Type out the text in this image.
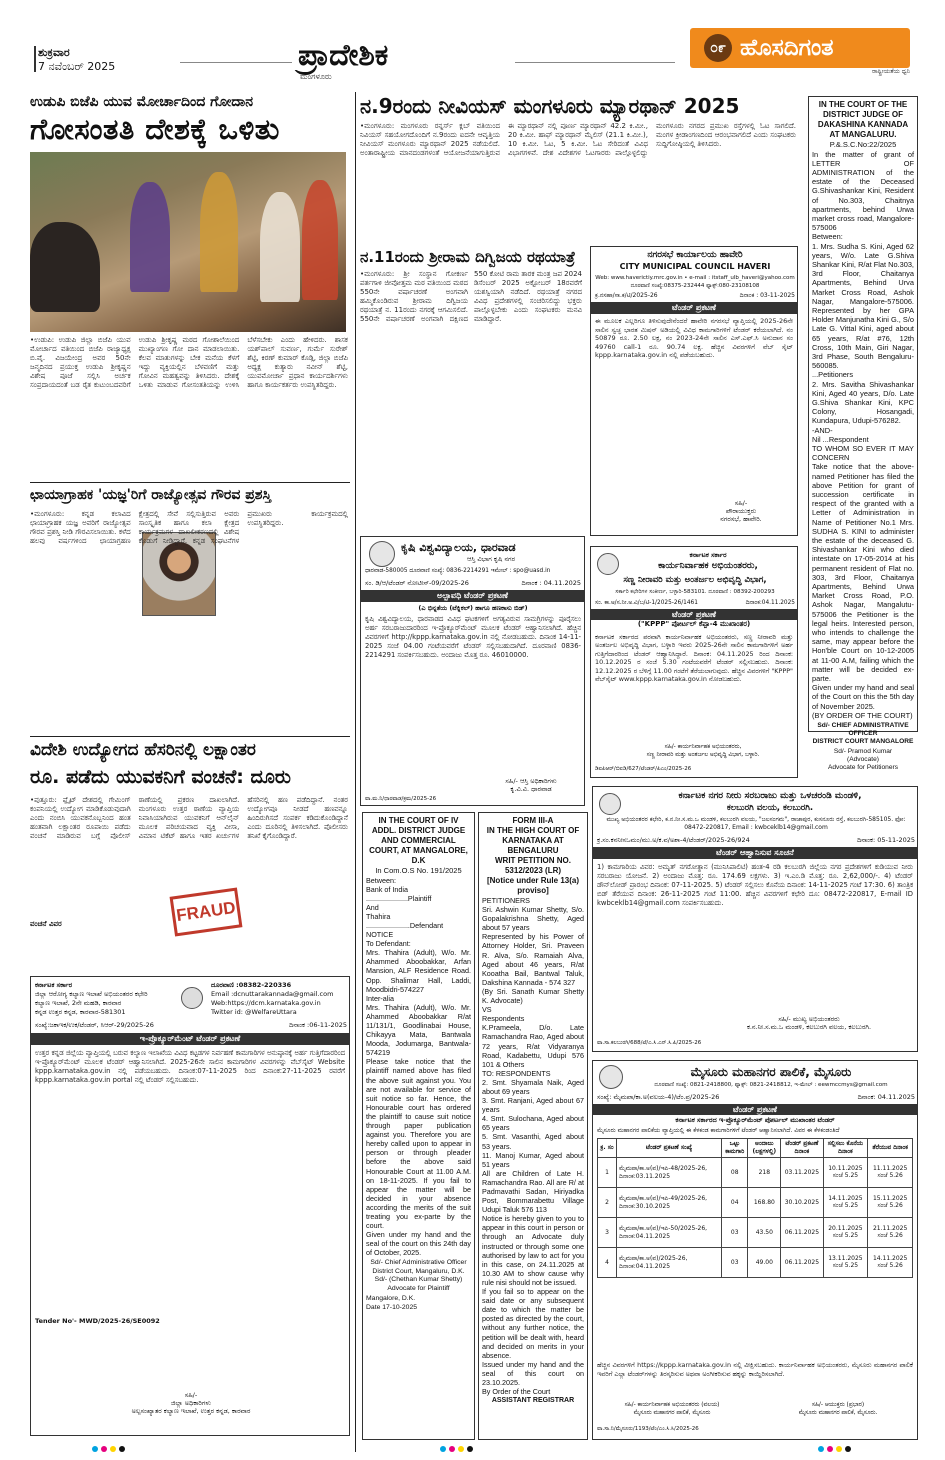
ಶುಕ್ರವಾರ
7 ನವೆಂಬರ್ 2025
ಮಂಗಳೂರು
ಪ್ರಾದೇಶಿಕ	೦೯ ಹೊಸದಿಗಂತ
ರಾಷ್ಟ್ರೀಯತೆಯ ಧ್ವನಿ
ಉಡುಪಿ ಬಿಜೆಪಿ ಯುವ ಮೋರ್ಚಾದಿಂದ ಗೋದಾನ
ಗೋಸಂತತಿ ದೇಶಕ್ಕೆ ಒಳಿತು
•ಉಡುಪಿ: ಉಡುಪಿ ಜಿಲ್ಲಾ ಬಿಜೆಪಿ ಯುವ ಮೋರ್ಚಾದ ವತಿಯಿಂದ ಬಿಜೆಪಿ ರಾಜ್ಯಾಧ್ಯಕ್ಷ ಬಿ.ವೈ. ವಿಜಯೇಂದ್ರ ಅವರ 50ನೇ ಜನ್ಮದಿನದ ಪ್ರಯುಕ್ತ ಉಡುಪಿ ಶ್ರೀಕೃಷ್ಣನ ವಿಶೇಷ ಪೂಜೆ ಸಲ್ಲಿಸಿ ಅರ್ಚಕ ಸಂಪ್ರದಾಯದಂತೆ ಬಡ ರೈತ ಕುಟುಂಬದವರಿಗೆ ಉಡುಪಿ ಶ್ರೀಕೃಷ್ಣ ಮಠದ ಗೋಶಾಲೆಯಿಂದ ಮುಖ್ಯಾಂಗಣ ಗೋ ದಾನ ಮಾಡಲಾಯಿತು. ಕೆಲವ ಮಾತುಗಳನ್ನು ಬೇಕ ಮನೆಯ ಕೆಳಗೆ ಇದ್ದು ವ್ಯಕ್ತಿಯಲ್ಲಿನ ಬೆಳವಣಿಗೆ ಮತ್ತು ಗೋವಿನ ಮಹತ್ವವನ್ನು ತಿಳಿಸಿದರು. ದೇಶಕ್ಕೆ ಒಳಿತು ಮಾಡುವ ಗೋಸಂತತಿಯನ್ನು ಉಳಿಸಿ ಬೆಳೆಸಬೇಕು ಎಂದು ಹೇಳಿದರು. ಶಾಸಕ ಯಶ್‌ಪಾಲ್ ಸುವರ್ಣ, ಗುರ್ಮೆ ಸುರೇಶ್ ಶೆಟ್ಟಿ, ಕಿರಣ್ ಕುಮಾರ್ ಕೊಡ್ಗಿ, ಜಿಲ್ಲಾ ಬಿಜೆಪಿ ಅಧ್ಯಕ್ಷ ಕುತ್ಯಾರು ನವೀನ್ ಶೆಟ್ಟಿ, ಯುವಮೋರ್ಚಾ ಪ್ರಧಾನ ಕಾರ್ಯದರ್ಶಿಗಳು ಹಾಗೂ ಕಾರ್ಯಕರ್ತರು ಉಪಸ್ಥಿತರಿದ್ದರು.
ನ.9ರಂದು ನೀವಿಯಸ್ ಮಂಗಳೂರು ಮ್ಯಾರಥಾನ್ 2025
•ಮಂಗಳೂರು: ಮಂಗಳೂರು ರನ್ನರ್ಸ್ ಕ್ಲಬ್ ವತಿಯಿಂದ ನಿವಿಯಸ್ ಸಹಯೋಗದೊಂದಿಗೆ ನ.9ರಂದು ಐದನೇ ಆವೃತ್ತಿಯ ನೀವಿಯಸ್ ಮಂಗಳೂರು ಮ್ಯಾರಥಾನ್ 2025 ನಡೆಯಲಿದೆ. ಅಂತಾರಾಷ್ಟ್ರೀಯ ಮಾನದಂಡಗಳಂತೆ ಆಯೋಜನೆಯಾಗುತ್ತಿರುವ ಈ ಮ್ಯಾರಥಾನ್ ನಲ್ಲಿ ಪೂರ್ಣ ಮ್ಯಾರಥಾನ್ 42.2 ಕಿ.ಮೀ., 20 ಕಿ.ಮೀ. ಹಾಫ್ ಮ್ಯಾರಥಾನ್ ಮೈಲಿಸ್ (21.1 ಕಿ.ಮೀ.), 10 ಕಿ.ಮೀ. ಓಟ, 5 ಕಿ.ಮೀ. ಓಟ ಸೇರಿದಂತೆ ವಿವಿಧ ವಿಭಾಗಗಳಿವೆ. ದೇಶ ವಿದೇಶಗಳ ಓಟಗಾರರು ಪಾಲ್ಗೊಳ್ಳಲಿದ್ದು ಮಂಗಳೂರು ನಗರದ ಪ್ರಮುಖ ರಸ್ತೆಗಳಲ್ಲಿ ಓಟ ಸಾಗಲಿದೆ. ಮಂಗಳ ಕ್ರೀಡಾಂಗಣದಿಂದ ಆರಂಭವಾಗಲಿದೆ ಎಂದು ಸಂಘಟಕರು ಸುದ್ದಿಗೋಷ್ಠಿಯಲ್ಲಿ ತಿಳಿಸಿದರು.
ನ.11ರಂದು ಶ್ರೀರಾಮ ದಿಗ್ವಿಜಯ ರಥಯಾತ್ರೆ
•ಮಂಗಳೂರು: ಶ್ರೀ ಸಂಸ್ಥಾನ ಗೋಕರ್ಣ ಪರ್ತಗಾಳಿ ಜೀವೋತ್ತಮ ಮಠ ವತಿಯಿಂದ ಮಠದ 550ನೇ ವರ್ಷಾಚರಣೆ ಅಂಗವಾಗಿ ಹಮ್ಮಿಕೊಂಡಿರುವ ಶ್ರೀರಾಮ ದಿಗ್ವಿಜಯ ರಥಯಾತ್ರೆ ನ. 11ರಂದು ನಗರಕ್ಕೆ ಆಗಮಿಸಲಿದೆ. 550ನೇ ವರ್ಷಾಚರಣೆ ಅಂಗವಾಗಿ ದಕ್ಷಿಣದ 550 ಕೋಟಿ ರಾಮ ತಾರಕ ಮಂತ್ರ ಜಪ 2024 ಡಿಸೆಂಬರ್ 2025 ಅಕ್ಟೋಬರ್ 18ರವರೆಗೆ ಯಶಸ್ವಿಯಾಗಿ ನಡೆದಿದೆ. ರಥಯಾತ್ರೆ ನಗರದ ವಿವಿಧ ಪ್ರದೇಶಗಳಲ್ಲಿ ಸಂಚರಿಸಲಿದ್ದು ಭಕ್ತರು ಪಾಲ್ಗೊಳ್ಳಬೇಕು ಎಂದು ಸಂಘಟಕರು ಮನವಿ ಮಾಡಿದ್ದಾರೆ.
ನಗರಸಭೆ ಕಾರ್ಯಾಲಯ ಹಾವೇರಿ
CITY MUNICIPAL COUNCIL HAVERI
Web: www.haverictiy.mrc.gov.in • e-mail : itstaff_ulb_haveri@yahoo.com
ದೂರವಾಣಿ ಸಂಖ್ಯೆ:08375-232444 ಫ್ಯಾಕ್ಸ್:080-23108108
ಕ್ರ.ನಸಹಾ/ಸಾ.ಕ/ಟಿ/2025-26	ದಿನಾಂಕ : 03-11-2025
ಟೆಂಡರ್ ಪ್ರಕಟಣೆ
ಈ ಮೂಲಕ ಎಲ್ಲರಿಗೂ ತಿಳಿಸುವುದೇನೆಂದರೆ ಹಾವೇರಿ ನಗರಸಭೆ ವ್ಯಾಪ್ತಿಯಲ್ಲಿ 2025-26ನೇ ಸಾಲಿನ ಸ್ವಚ್ಛ ಭಾರತ ಮಿಷನ್ ಅಡಿಯಲ್ಲಿ ವಿವಿಧ ಕಾಮಗಾರಿಗಳಿಗೆ ಟೆಂಡರ್ ಕರೆಯಲಾಗಿದೆ. ನಂ 50879 ರೂ. 2.50 ಲಕ್ಷ, ನಂ 2023-24ನೇ ಸಾಲಿನ ಎಸ್.ಎಫ್.ಸಿ ಅನುದಾನ ಸಂ 49760 call-1 ರೂ. 90.74 ಲಕ್ಷ. ಹೆಚ್ಚಿನ ವಿವರಗಳಿಗೆ ವೆಬ್ ಸೈಟ್ kppp.karnataka.gov.in ನಲ್ಲಿ ಪಡೆಯಬಹುದು.
ಸಹಿ/-
ಪೌರಾಯುಕ್ತರು
ನಗರಸಭೆ, ಹಾವೇರಿ.
IN THE COURT OF THE DISTRICT JUDGE OF DAKASHINA KANNADA AT MANGALURU.
P.&.S.C.No:22/2025
In the matter of grant of LETTER OF ADMINISTRATION of the estate of the Deceased G.Shivashankar Kini, Resident of No.303, Chaitnya apartments, behind Urwa market cross road, Mangalore-575006
Between:
1. Mrs. Sudha S. Kini, Aged 62 years, W/o. Late G.Shiva Shankar Kini, R/at Flat No.303, 3rd Floor, Chaitanya Apartments, Behind Urva Market Cross Road, Ashok Nagar, Mangalore-575006. Represented by her GPA Holder Manjunatha Kini G., S/o Late G. Vittal Kini, aged about 65 years, R/at #76, 12th Cross, 10th Main, Giri Nagar, 3rd Phase, South Bengaluru-560085.
...Petitioners
2. Mrs. Savitha Shivashankar Kini, Aged 40 years, D/o. Late G.Shiva Shankar Kini, KPC Colony, Hosangadi, Kundapura, Udupi-576282.
-AND-
Nil ...Respondent
TO WHOM SO EVER IT MAY CONCERN
Take notice that the above-named Petitioner has filed the above Petition for grant of succession certificate in respect of the granted with a Letter of Administration in Name of Petitioner No.1 Mrs. SUDHA S. KINI to administer the estate of the deceased G. Shivashankar Kini who died intestate on 17-05-2014 at his permanent resident of Flat no. 303, 3rd Floor, Chaitanya Apartments, Behind Urwa Market Cross Road, P.O. Ashok Nagar, Mangalutu-575006 the Petitioner is the legal heirs. Interested person, who intends to challenge the same, may appear before the Hon'ble Court on 10-12-2005 at 11-00 A.M, failing which the matter will be decided ex-parte.
Given under my hand and seal of the Court on this the 5th day of November 2025.
(BY ORDER OF THE COURT)
Sd/- CHIEF ADMINISTRATIVE OFFICER
DISTRICT COURT MANGALORE
Sd/- Pramod Kumar
(Advocate)
Advocate for Petitioners
ಛಾಯಾಗ್ರಾಹಕ 'ಯಜ್ಞ'ರಿಗೆ ರಾಜ್ಯೋತ್ಸವ ಗೌರವ ಪ್ರಶಸ್ತಿ
•ಮಂಗಳೂರು: ಕನ್ನಡ ಕಲಾವಿದ ಛಾಯಾಗ್ರಾಹಕ ಯಜ್ಞ ಅವರಿಗೆ ರಾಜ್ಯೋತ್ಸವ ಗೌರವ ಪ್ರಶಸ್ತಿ ನೀಡಿ ಗೌರವಿಸಲಾಯಿತು. ಕಳೆದ ಹಲವು ವರ್ಷಗಳಿಂದ ಛಾಯಾಗ್ರಹಣ ಕ್ಷೇತ್ರದಲ್ಲಿ ಸೇವೆ ಸಲ್ಲಿಸುತ್ತಿರುವ ಅವರು ಸಾಂಸ್ಕೃತಿಕ ಹಾಗೂ ಕಲಾ ಕ್ಷೇತ್ರದ ಕಾರ್ಯಕ್ರಮಗಳ ದಾಖಲೀಕರಣದಲ್ಲಿ ವಿಶೇಷ ಕೊಡುಗೆ ನೀಡಿದ್ದಾರೆ. ಕನ್ನಡ ಸಂಘಟನೆಗಳ ಪ್ರಮುಖರು ಕಾರ್ಯಕ್ರಮದಲ್ಲಿ ಉಪಸ್ಥಿತರಿದ್ದರು.
ವಿದೇಶಿ ಉದ್ಯೋಗದ ಹೆಸರಿನಲ್ಲಿ ಲಕ್ಷಾಂತರ
ರೂ. ಪಡೆದು ಯುವಕನಿಗೆ ವಂಚನೆ: ದೂರು
FRAUD
•ಪುತ್ತೂರು: ಫ್ಲೈಟ್ ದೇಶದಲ್ಲಿ ಗೇಮಿಂಗ್ ಕಂಪನಿಯಲ್ಲಿ ಉದ್ಯೋಗ ಮಾಡಿಕೊಡುವುದಾಗಿ ಎಂದು ನಂಬಿಸಿ ಯುವಕನೊಬ್ಬನಿಂದ ಹಂತ ಹಂತವಾಗಿ ಲಕ್ಷಾಂತರ ರೂಪಾಯಿ ಪಡೆದು ವಂಚನೆ ಮಾಡಿರುವ ಬಗ್ಗೆ ಪೊಲೀಸ್ ಠಾಣೆಯಲ್ಲಿ ಪ್ರಕರಣ ದಾಖಲಾಗಿದೆ. ಮಂಗಳೂರು ಉತ್ತರ ಠಾಣೆಯ ವ್ಯಾಪ್ತಿಯ ನಿವಾಸಿಯಾಗಿರುವ ಯುವಕನಿಗೆ ಆನ್‌ಲೈನ್ ಮೂಲಕ ಪರಿಚಯವಾದ ವ್ಯಕ್ತಿ ವೀಸಾ, ವಿಮಾನ ಟಿಕೆಟ್ ಹಾಗೂ ಇತರ ಖರ್ಚುಗಳ ಹೆಸರಿನಲ್ಲಿ ಹಣ ಪಡೆದಿದ್ದಾನೆ. ನಂತರ ಉದ್ಯೋಗವೂ ನೀಡದೆ ಹಣವನ್ನೂ ಹಿಂದಿರುಗಿಸದೆ ಸಂಪರ್ಕ ಕಡಿದುಕೊಂಡಿದ್ದಾನೆ ಎಂದು ದೂರಿನಲ್ಲಿ ತಿಳಿಸಲಾಗಿದೆ. ಪೊಲೀಸರು ತನಿಖೆ ಕೈಗೊಂಡಿದ್ದಾರೆ.
ವಂಚನೆ ವಿವರ
ಕರ್ನಾಟಕ ಸರ್ಕಾರ
ಜಿಲ್ಲಾ ಆರೋಗ್ಯ ಕಲ್ಯಾಣ ಇಲಾಖೆ ಅಭಿಯಂತರರ ಕಛೇರಿ
ಕಲ್ಯಾಣ ಇಲಾಖೆ, 2ನೇ ಮಹಡಿ, ಕಾರವಾರ
ಕನ್ನಡ ಉತ್ತರ ಕನ್ನಡ, ಕಾರವಾರ-581301
ದೂರವಾಣಿ :08382-220336
Email :dcnuttarakannada@gmail.com
Web:https://dcm.karnataka.gov.in
Twitter id: @WelfareUttara
ಸಂಖ್ಯೆ:ಜಕಾಇಕ/ಉಕ/ಟೆಂಡರ್, ಸಿಆರ್-29/2025-26	ದಿನಾಂಕ :06-11-2025
ಇ-ಪ್ರೊಕ್ಯೂರ್‌ಮೆಂಟ್ ಟೆಂಡರ್ ಪ್ರಕಟಣೆ
ಉತ್ತರ ಕನ್ನಡ ಜಿಲ್ಲೆಯ ವ್ಯಾಪ್ತಿಯಲ್ಲಿ ಬರುವ ಕಲ್ಯಾಣ ಇಲಾಖೆಯ ವಿವಿಧ ಕಟ್ಟಡಗಳ ನಿರ್ವಹಣೆ ಕಾಮಗಾರಿಗಳ ಅನುಷ್ಠಾನಕ್ಕೆ ಅರ್ಹ ಗುತ್ತಿಗೆದಾರರಿಂದ ಇ-ಪ್ರೊಕ್ಯೂರ್‌ಮೆಂಟ್ ಮೂಲಕ ಟೆಂಡರ್ ಆಹ್ವಾನಿಸಲಾಗಿದೆ. 2025-26ನೇ ಸಾಲಿನ ಕಾಮಗಾರಿಗಳ ವಿವರಗಳನ್ನು ವೆಬ್‌ಸೈಟ್ Website kppp.karnataka.gov.in ನಲ್ಲಿ ಪಡೆಯಬಹುದು. ದಿನಾಂಕ:07-11-2025 ರಿಂದ ದಿನಾಂಕ:27-11-2025 ರವರೆಗೆ kppp.karnataka.gov.in portal ನಲ್ಲಿ ಟೆಂಡರ್ ಸಲ್ಲಿಸಬಹುದು.
Tender No'- MWD/2025-26/SE0092
ಸಹಿ/-
ಜಿಲ್ಲಾ ಅಧಿಕಾರಿಗಳು
ಅಲ್ಪಸಂಖ್ಯಾತರ ಕಲ್ಯಾಣ ಇಲಾಖೆ, ಉತ್ತರ ಕನ್ನಡ, ಕಾರವಾರ
ಕೃಷಿ ವಿಶ್ವವಿದ್ಯಾಲಯ, ಧಾರವಾಡ
ಆಸ್ತಿ ವಿಭಾಗ ಕೃಷಿ ನಗರ
ಧಾರವಾಡ-580005 ದೂರವಾಣಿ ಸಂಖ್ಯೆ: 0836-2214291 ಇಮೇಲ್ : spo@uasd.in
ಸಂ. ಡಿ/ಆ/ಟೆಂಡರ್ ನೋಟೀಸ್-09/2025-26	ದಿನಾಂಕ : 04.11.2025
ಅಲ್ಪಾವಧಿ ಟೆಂಡರ್ ಪ್ರಕಟಣೆ
(ಎ ಭಿನ್ನತೆಯ (ಟೆಕ್ನಿಕಲ್) ಹಾಗೂ ಹಣಕಾಸು ಬಿಡ್)
ಕೃಷಿ ವಿಶ್ವವಿದ್ಯಾಲಯ, ಧಾರವಾಡದ ವಿವಿಧ ಘಟಕಗಳಿಗೆ ಅಗತ್ಯವಿರುವ ಸಾಮಗ್ರಿಗಳನ್ನು ಪೂರೈಸಲು ಅರ್ಹ ಸರಬರಾಜುದಾರರಿಂದ ಇ-ಪ್ರೊಕ್ಯೂರ್‌ಮೆಂಟ್ ಮೂಲಕ ಟೆಂಡರ್ ಆಹ್ವಾನಿಸಲಾಗಿದೆ. ಹೆಚ್ಚಿನ ವಿವರಗಳಿಗೆ http://kppp.karnataka.gov.in ನಲ್ಲಿ ನೋಡಬಹುದು. ದಿನಾಂಕ 14-11-2025 ಸಂಜೆ 04.00 ಗಂಟೆಯವರೆಗೆ ಟೆಂಡರ್ ಸಲ್ಲಿಸಬಹುದಾಗಿದೆ. ದೂರವಾಣಿ 0836-2214291 ಸಂಪರ್ಕಿಸಬಹುದು. ಅಂದಾಜು ಮೊತ್ತ ರೂ. 46010000.
ಸಹಿ/- ಆಸ್ತಿ ಅಧಿಕಾರಿಗಳು
ಕೃ.ವಿ.ವಿ. ಧಾರವಾಡ
ವಾ.ಮ.ನಿ/ಧಾರವಾಡ/ಕ್ರಮ/2025-26
ಕರ್ನಾಟಕ ಸರ್ಕಾರ
ಕಾರ್ಯನಿರ್ವಾಹಕ ಅಭಿಯಂತರರು,
ಸಣ್ಣ ನೀರಾವರಿ ಮತ್ತು ಅಂತರ್ಜಲ ಅಭಿವೃದ್ಧಿ ವಿಭಾಗ,
ಸರ್ಕಾರಿ ಕಛೇರಿಗಳ ಸಂಕೀರ್ಣ, ಬಳ್ಳಾರಿ-583101. ದೂರವಾಣಿ : 08392-200293
ಸಂ. ಕಾ.ಅ/ಸ.ನೀ.ಅ.ವಿ/ಬ/ಟಿ-1/2025-26/1461	ದಿನಾಂಕ:04.11.2025
ಟೆಂಡರ್ ಪ್ರಕಟಣೆ
("KPPP" ಪೋರ್ಟಲ್ ಕೆಪ್ಪಾ-4 ಮುಖಾಂತರ)
ಕರ್ನಾಟಕ ಸರ್ಕಾರದ ಪರವಾಗಿ ಕಾರ್ಯನಿರ್ವಾಹಕ ಅಭಿಯಂತರರು, ಸಣ್ಣ ನೀರಾವರಿ ಮತ್ತು ಅಂತರ್ಜಲ ಅಭಿವೃದ್ಧಿ ವಿಭಾಗ, ಬಳ್ಳಾರಿ ಇವರು 2025-26ನೇ ಸಾಲಿನ ಕಾಮಗಾರಿಗಳಿಗೆ ಅರ್ಹ ಗುತ್ತಿಗೆದಾರರಿಂದ ಟೆಂಡರ್ ಆಹ್ವಾನಿಸಿದ್ದಾರೆ. ದಿನಾಂಕ: 04.11.2025 ರಿಂದ ದಿನಾಂಕ: 10.12.2025 ರ ಸಂಜೆ 5.30 ಗಂಟೆಯವರೆಗೆ ಟೆಂಡರ್ ಸಲ್ಲಿಸಬಹುದು. ದಿನಾಂಕ: 12.12.2025 ರ ಬೆಳಿಗ್ಗೆ 11.00 ಗಂಟೆಗೆ ತೆರೆಯಲಾಗುವುದು. ಹೆಚ್ಚಿನ ವಿವರಗಳಿಗೆ "KPPP" ವೆಬ್‌ಸೈಟ್ www.kppp.karnataka.gov.in ನೋಡಬಹುದು.
ಸಹಿ/- ಕಾರ್ಯನಿರ್ವಾಹಕ ಅಭಿಯಂತರರು,
ಸಣ್ಣ ನೀರಾವರಿ ಮತ್ತು ಅಂತರ್ಜಲ ಅಭಿವೃದ್ಧಿ ವಿಭಾಗ, ಬಳ್ಳಾರಿ.
ಡಿಐಪಿಆರ್/ಬಿಐಡಿ/627/ಟೆಂಡರ್/ಪಿಎಂ/2025-26
ಕರ್ನಾಟಕ ನಗರ ನೀರು ಸರಬರಾಜು ಮತ್ತು ಒಳಚರಂಡಿ ಮಂಡಳಿ,
ಕಲಬುರಗಿ ವಲಯ, ಕಲಬುರಗಿ.
ಮುಖ್ಯ ಅಭಿಯಂತರರ ಕಛೇರಿ, ಕ.ನ.ನೀ.ಸ.ಮ.ಒ ಮಂಡಳಿ, ಕಲಬುರಗಿ ವಲಯ, "ಜಲಸಂಗಮ", ರಾಜಾಪುರ, ಕುಸನೂರು ರಸ್ತೆ, ಕಲಬುರಗಿ-585105. ಫೋ: 08472-220817, Email : kwbceklb14@gmail.com
ಕ್ರ.ಸಂ.ಕನನೀಸಒಮಂ/ಮು.ಅ/ಕ.ವ/ಅಶಾ-4/ಟೆಂಡರ್/2025-26/924	ದಿನಾಂಕ: 05-11-2025
ಟೆಂಡರ್ ಆಹ್ವಾನಿಸುವ ಸೂಚನೆ
1) ಕಾಮಗಾರಿಯ ವಿವರ: ಅಮೃತ್ ನಗರೋತ್ಥಾನ (ಮುನಿಸಿಪಾಲಿಟಿ) ಹಂತ-4 ರಡಿ ಕಲಬುರಗಿ ಜಿಲ್ಲೆಯ ನಗರ ಪ್ರದೇಶಗಳಿಗೆ ಕುಡಿಯುವ ನೀರು ಸರಬರಾಜು ಯೋಜನೆ. 2) ಅಂದಾಜು ಮೊತ್ತ: ರೂ. 174.69 ಲಕ್ಷಗಳು. 3) ಇ.ಎಂ.ಡಿ ಮೊತ್ತ: ರೂ. 2,62,000/-. 4) ಟೆಂಡರ್ ಡೌನ್‌ಲೋಡ್ ಪ್ರಾರಂಭ ದಿನಾಂಕ: 07-11-2025. 5) ಟೆಂಡರ್ ಸಲ್ಲಿಸಲು ಕೊನೆಯ ದಿನಾಂಕ: 14-11-2025 ಗಂಟೆ 17:30. 6) ತಾಂತ್ರಿಕ ಬಿಡ್ ತೆರೆಯುವ ದಿನಾಂಕ: 26-11-2025 ಗಂಟೆ 11:00. ಹೆಚ್ಚಿನ ವಿವರಗಳಿಗೆ ಕಛೇರಿ ದೂ: 08472-220817, E-mail ID kwbceklb14@gmail.com ಸಂಪರ್ಕಿಸಬಹುದು.
ಸಹಿ/- ಮುಖ್ಯ ಅಭಿಯಂತರರು
ಕ.ನ.ನೀ.ಸ.ಮ.ಒ ಮಂಡಳಿ, ಕಲಬುರಗಿ ವಲಯ, ಕಲಬುರಗಿ.
ವಾ.ಸಾ.ಕಲಬುರಗಿ/688/ಟೆ/ಎ.ಸಿ.ಎನ್.ಸಿ.ಪಿ/2025-26
IN THE COURT OF IV ADDL. DISTRICT JUDGE AND COMMERCIAL COURT, AT MANGALORE, D.K
In Com.O.S No. 191/2025
Between:
Bank of India
.....................Plaintiff
And
Thahira
......................Defendant
NOTICE
To Defendant:
Mrs. Thahira (Adult), W/o. Mr. Ahammed Aboobakkar, Arfan Mansion, ALF Residence Road. Opp. Shalimar Hall, Laddi, Moodbidri-574227
Inter-alia
Mrs. Thahira (Adult), W/o. Mr. Ahammed Aboobakkar R/at 11/131/1, Goodlinabai House, Chikayya Mata, Bantwala Mooda, Jodumarga, Bantwala-574219
Please take notice that the plaintiff named above has filed the above suit against you. You are not available for service of suit notice so far. Hence, the Honourable court has ordered the plaintiff to cause suit notice through paper publication against you. Therefore you are hereby called upon to appear in person or through pleader before the above said Honourable Court at 11.00 A.M. on 18-11-2025. If you fail to appear the matter will be decided in your absence according the merits of the suit treating you ex-parte by the court.
Given under my hand and the seal of the court on this 24th day of October, 2025.
Sd/- Chief Administrative Officer
District Court, Mangaluru, D.K.
Sd/- (Chethan Kumar Shetty)
Advocate for Plaintiff
Mangalore, D.K.
Date 17-10-2025
FORM III-A
IN THE HIGH COURT OF KARNATAKA AT BENGALURU
WRIT PETITION NO. 5312/2023 (LR)
[Notice under Rule 13(a) proviso]
PETITIONERS
Sri. Ashwin Kumar Shetty, S/o. Gopalakrishna Shetty, Aged about 57 years
Represented by his Power of Attorney Holder, Sri. Praveen R. Alva, S/o. Ramaiah Alva, Aged about 46 years, R/at Kooatha Bail, Bantwal Taluk, Dakshina Kannada - 574 327
(By Sri. Sanath Kumar Shetty K. Advocate)
VS
Respondents
K.Prameela, D/o. Late Ramachandra Rao, Aged about 72 years, R/at Vidyaranya Road, Kadabettu, Udupi 576 101 & Others
TO: RESPONDENTS
2. Smt. Shyamala Naik, Aged about 69 years
3. Smt. Ranjani, Aged about 67 years
4. Smt. Sulochana, Aged about 65 years
5. Smt. Vasanthi, Aged about 53 years.
11. Manoj Kumar, Aged about 51 years
All are Children of Late H. Ramachandra Rao. All are R/ at Padmavathi Sadan, Hiriyadka Post, Bommarabettu Village Udupi Taluk 576 113
Notice is hereby given to you to appear in this court in person or through an Advocate duly instructed or through some one authorised by law to act for you in this case, on 24.11.2025 at 10.30 AM to show cause why rule nisi should not be issued.
If you fail so to appear on the said date or any subsequent date to which the matter be posted as directed by the court, without any further notice, the petition will be dealt with, heard and decided on merits in your absence.
Issued under my hand and the seal of this court on 23.10.2025.
By Order of the Court
ASSISTANT REGISTRAR
ಮೈಸೂರು ಮಹಾನಗರ ಪಾಲಿಕೆ, ಮೈಸೂರು
ದೂರವಾಣಿ ಸಂಖ್ಯೆ: 0821-2418800, ಫ್ಯಾಕ್ಸ್: 0821-2418812, ಇ-ಮೇಲ್ : eewmccmys@gmail.com
ಸಂಖ್ಯೆ: ಮೈಮಪಾ/ಕಾ.ಅ(ವಲಯ-4)/ಟೆಂ.ಪ್ರ/2025-26	ದಿನಾಂಕ: 04.11.2025
ಟೆಂಡರ್ ಪ್ರಕಟಣೆ
ಕರ್ನಾಟಕ ಸರ್ಕಾರದ ಇ-ಪ್ರೊಕ್ಯೂರ್‌ಮೆಂಟ್ ಪೋರ್ಟಲ್ ಮುಖಾಂತರ ಟೆಂಡರ್
ಮೈಸೂರು ಮಹಾನಗರ ಪಾಲಿಕೆಯ ವ್ಯಾಪ್ತಿಯಲ್ಲಿ ಈ ಕೆಳಕಂಡ ಕಾಮಗಾರಿಗಳಿಗೆ ಟೆಂಡರ್ ಆಹ್ವಾನಿಸಲಾಗಿದೆ. ವಿವರ ಈ ಕೆಳಕಂಡಂತಿದೆ
ಕ್ರ. ಸಂ	ಟೆಂಡರ್ ಪ್ರಕಟಣೆ ಸಂಖ್ಯೆ	ಒಟ್ಟು ಕಾಮಗಾರಿ	ಅಂದಾಜು (ಲಕ್ಷಗಳಲ್ಲಿ)	ಟೆಂಡರ್ ಪ್ರಕಟಣೆ ದಿನಾಂಕ	ಸಲ್ಲಿಸಲು ಕೊನೆಯ ದಿನಾಂಕ	ತೆರೆಯುವ ದಿನಾಂಕ
1	ಮೈಮಪಾ/ಕಾ.ಅ(ವ)/ಇಪಿ-48/2025-26, ದಿನಾಂಕ:03.11.2025	08	218	03.11.2025	10.11.2025 ಸಂಜೆ 5.25	11.11.2025 ಸಂಜೆ 5.26
2	ಮೈಮಪಾ/ಕಾ.ಅ(ವ)/ಇಪಿ-49/2025-26, ದಿನಾಂಕ:30.10.2025	04	168.80	30.10.2025	14.11.2025 ಸಂಜೆ 5.25	15.11.2025 ಸಂಜೆ 5.26
3	ಮೈಮಪಾ/ಕಾ.ಅ(ವ)/ಇಪಿ-50/2025-26, ದಿನಾಂಕ:04.11.2025	03	43.50	06.11.2025	20.11.2025 ಸಂಜೆ 5.25	21.11.2025 ಸಂಜೆ 5.26
4	ಮೈಮಪಾ/ಕಾ.ಅ(ವ)/2025-26, ದಿನಾಂಕ:04.11.2025	03	49.00	06.11.2025	13.11.2025 ಸಂಜೆ 5.25	14.11.2025 ಸಂಜೆ 5.26
ಹೆಚ್ಚಿನ ವಿವರಗಳಿಗೆ https://kppp.karnataka.gov.in ನಲ್ಲಿ ವೀಕ್ಷಿಸಬಹುದು. ಕಾರ್ಯನಿರ್ವಾಹಕ ಅಭಿಯಂತರರು, ಮೈಸೂರು ಮಹಾನಗರ ಪಾಲಿಕೆ ಇವರಿಗೆ ಎಲ್ಲಾ ಟೆಂಡರ್‌ಗಳನ್ನು ತಿರಸ್ಕರಿಸುವ ಅಥವಾ ಅಂಗೀಕರಿಸುವ ಹಕ್ಕನ್ನು ಕಾಯ್ದಿರಿಸಲಾಗಿದೆ.
ಸಹಿ/- ಕಾರ್ಯನಿರ್ವಾಹಕ ಅಭಿಯಂತರರು (ವಲಯ)
ಮೈಸೂರು ಮಹಾನಗರ ಪಾಲಿಕೆ, ಮೈಸೂರು
ಸಹಿ/- ಆಯುಕ್ತರು (ಪ್ರಭಾರ)
ಮೈಸೂರು ಮಹಾನಗರ ಪಾಲಿಕೆ, ಮೈಸೂರು.
ವಾ.ಸಾ.ನಿ/ಮೈಸೂರು/1193/ಟೆಂ/ಎಂ.ಸಿ.ಸಿ/2025-26
